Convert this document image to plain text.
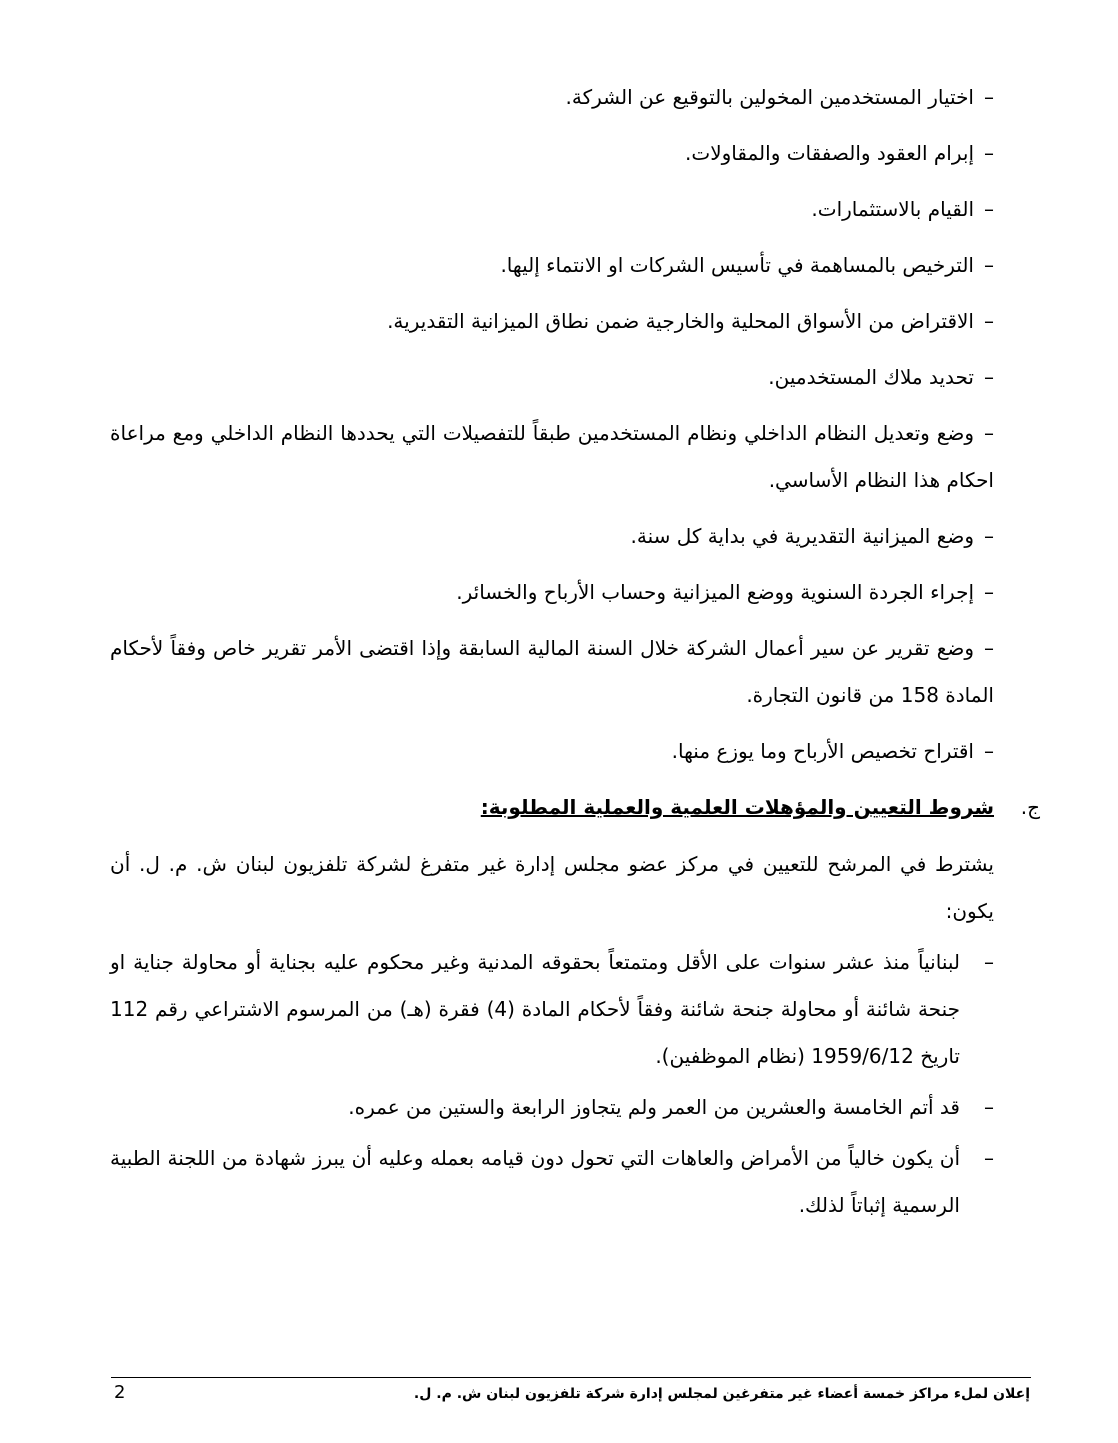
–اختيار المستخدمين المخولين بالتوقيع عن الشركة.

–إبرام العقود والصفقات والمقاولات.

–القيام بالاستثمارات.

–الترخيص بالمساهمة في تأسيس الشركات او الانتماء إليها.

–الاقتراض من الأسواق المحلية والخارجية ضمن نطاق الميزانية التقديرية.

–تحديد ملاك المستخدمين.

–وضع وتعديل النظام الداخلي ونظام المستخدمين طبقاً للتفصيلات التي يحددها النظام الداخلي ومع مراعاة احكام هذا النظام الأساسي.

–وضع الميزانية التقديرية في بداية كل سنة.

–إجراء الجردة السنوية ووضع الميزانية وحساب الأرباح والخسائر.

–وضع تقرير عن سير أعمال الشركة خلال السنة المالية السابقة وإذا اقتضى الأمر تقرير خاص وفقاً لأحكام المادة 158 من قانون التجارة.

–اقتراح تخصيص الأرباح وما يوزع منها.

ج.
شروط التعيين والمؤهلات العلمية والعملية المطلوبة:

يشترط في المرشح للتعيين في مركز عضو مجلس إدارة غير متفرغ لشركة تلفزيون لبنان ش. م. ل. أن يكون:

–
لبنانياً منذ عشر سنوات على الأقل ومتمتعاً بحقوقه المدنية وغير محكوم عليه بجناية أو محاولة جناية او جنحة شائنة أو محاولة جنحة شائنة وفقاً لأحكام المادة (4) فقرة (هـ) من المرسوم الاشتراعي رقم 112 تاريخ 1959/6/12 (نظام الموظفين).
–
قد أتم الخامسة والعشرين من العمر ولم يتجاوز الرابعة والستين من عمره.
–
أن يكون خالياً من الأمراض والعاهات التي تحول دون قيامه بعمله وعليه أن يبرز شهادة من اللجنة الطبية الرسمية إثباتاً لذلك.
إعلان لملء مراكز خمسة أعضاء غير متفرغين لمجلس إدارة شركة تلفزيون لبنان ش. م. ل.
2
